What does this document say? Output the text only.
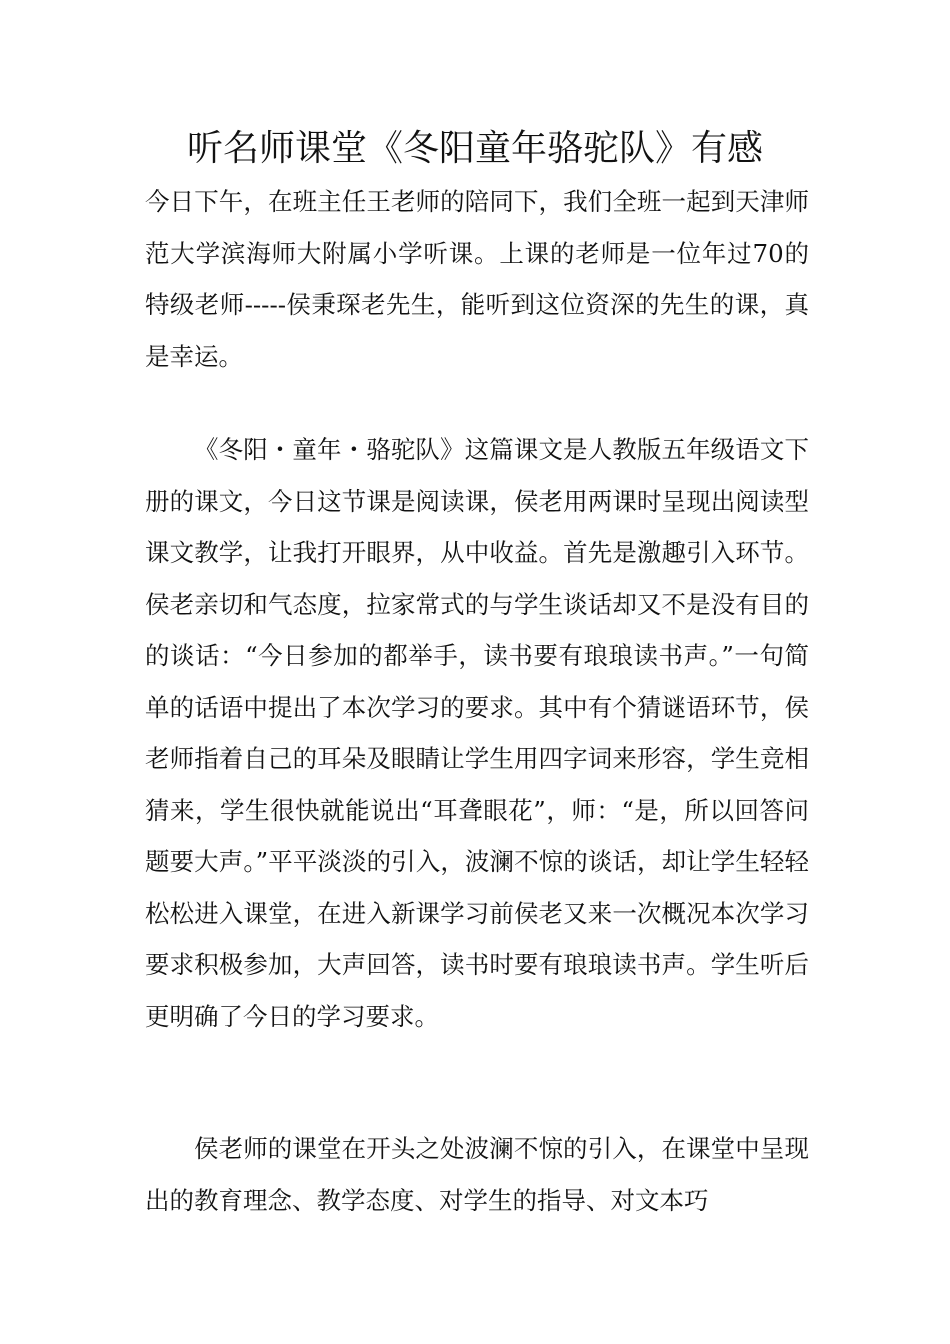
听名师课堂《冬阳童年骆驼队》有感

今日下午，在班主任王老师的陪同下，我们全班一起到天津师范大学滨海师大附属小学听课。上课的老师是一位年过70的特级老师-----侯秉琛老先生，能听到这位资深的先生的课，真是幸运。

《冬阳・童年・骆驼队》这篇课文是人教版五年级语文下册的课文，今日这节课是阅读课，侯老用两课时呈现出阅读型课文教学，让我打开眼界，从中收益。首先是激趣引入环节。侯老亲切和气态度，拉家常式的与学生谈话却又不是没有目的的谈话：“今日参加的都举手，读书要有琅琅读书声。”一句简单的话语中提出了本次学习的要求。其中有个猜谜语环节，侯老师指着自己的耳朵及眼睛让学生用四字词来形容，学生竞相猜来，学生很快就能说出“耳聋眼花”，师：“是，所以回答问题要大声。”平平淡淡的引入，波澜不惊的谈话，却让学生轻轻松松进入课堂，在进入新课学习前侯老又来一次概况本次学习要求积极参加，大声回答，读书时要有琅琅读书声。学生听后更明确了今日的学习要求。

侯老师的课堂在开头之处波澜不惊的引入，在课堂中呈现出的教育理念、教学态度、对学生的指导、对文本巧
